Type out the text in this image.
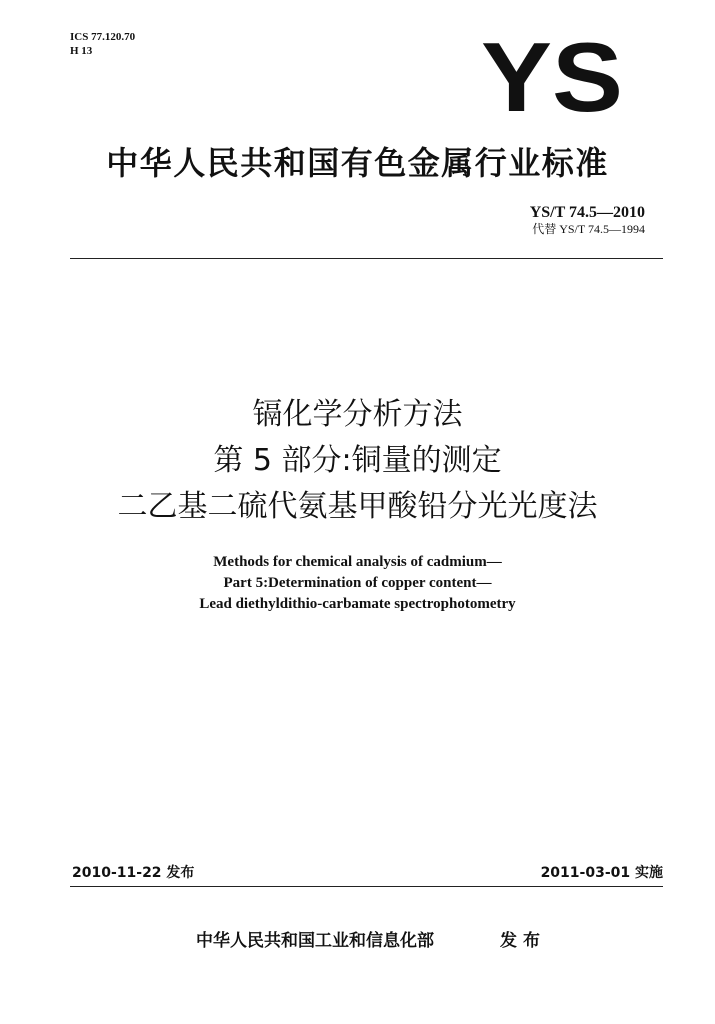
ICS 77.120.70
H 13	YS
中华人民共和国有色金属行业标准
YS/T 74.5—2010
代替 YS/T 74.5—1994
镉化学分析方法
第 5 部分:铜量的测定
二乙基二硫代氨基甲酸铅分光光度法
Methods for chemical analysis of cadmium—
Part 5:Determination of copper content—
Lead diethyldithio-carbamate spectrophotometry
2010-11-22 发布	2011-03-01 实施
中华人民共和国工业和信息化部	发布
